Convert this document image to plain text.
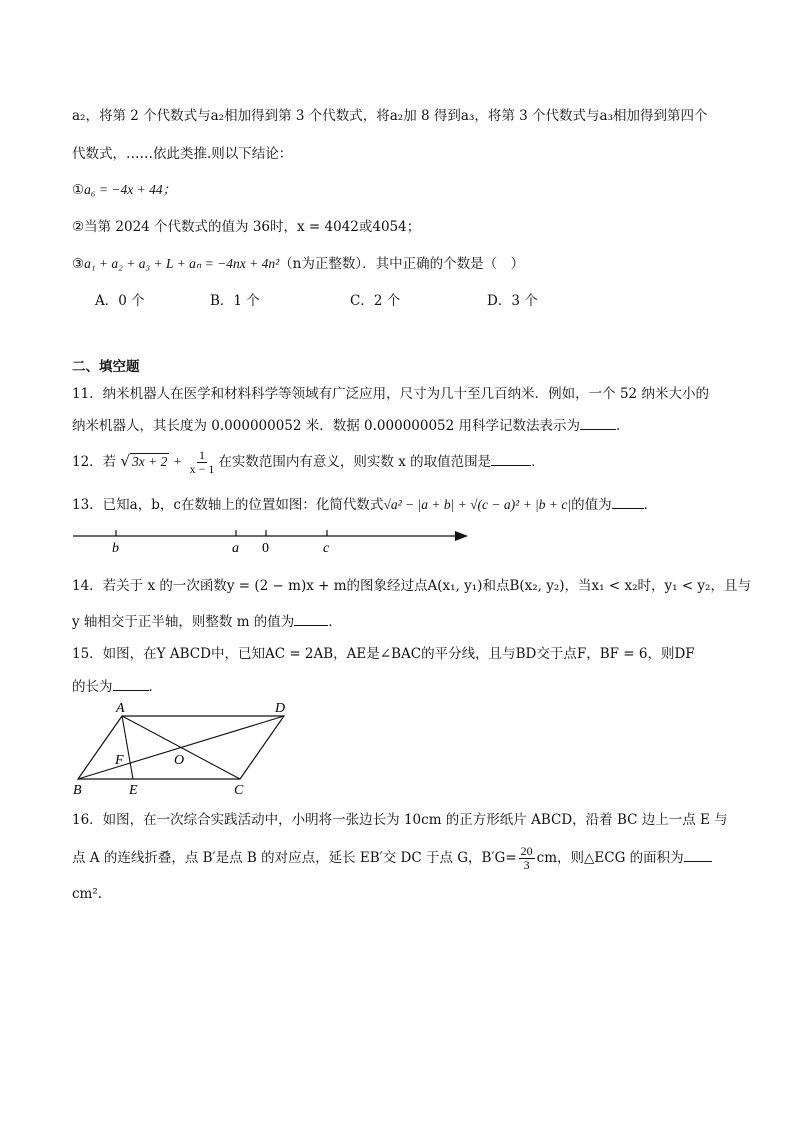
a₂，将第 2 个代数式与a₂相加得到第 3 个代数式，将a₂加 8 得到a₃，将第 3 个代数式与a₃相加得到第四个
代数式，……依此类推.则以下结论：
①a₆ = −4x + 44；
②当第 2024 个代数式的值为 36时，x = 4042或4054；
③a₁ + a₂ + a₃ + L + aₙ = −4nx + 4n²（n为正整数）．其中正确的个数是（　）
A．0 个	B．1 个	C．2 个	D．3 个
二、填空题
11．纳米机器人在医学和材料科学等领域有广泛应用，尺寸为几十至几百纳米．例如，一个 52 纳米大小的
纳米机器人，其长度为 0.000000052 米．数据 0.000000052 用科学记数法表示为	．
12．若 √ $3x + 2 + \frac{1}{x - 1}$ 在实数范围内有意义，则实数 x 的取值范围是	．
13．已知a，b，c在数轴上的位置如图：化简代数式√a² − |a + b| + √(c − a)² + |b + c|的值为 ．
b	a 0	c
14．若关于 x 的一次函数y = (2 − m)x + m的图象经过点A(x₁, y₁)和点B(x₂, y₂)，当x₁ < x₂时，y₁ < y₂，且与
y 轴相交于正半轴，则整数 m 的值为	．
15．如图，在Y ABCD中，已知AC = 2AB，AE是∠BAC的平分线，且与BD交于点F，BF = 6，则DF
的长为	．
A	D
F	O
B	E	C
16．如图，在一次综合实践活动中，小明将一张边长为 10cm 的正方形纸片 ABCD，沿着 BC 边上一点 E 与
点 A 的连线折叠，点 B′是点 B 的对应点，延长 EB′交 DC 于点 G，$B'G= \frac{20}{3}$ cm，则△ECG 的面积为
cm².
